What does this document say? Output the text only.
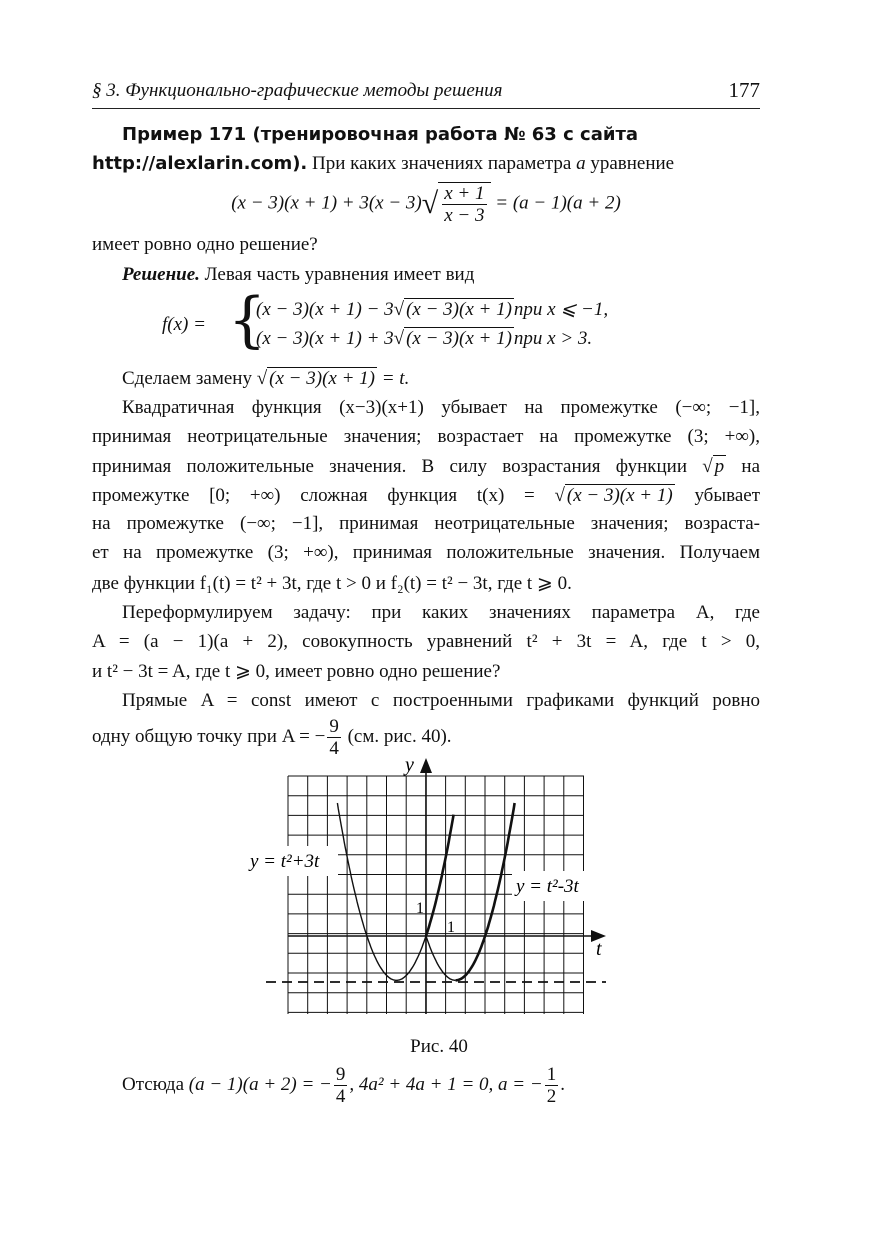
§ 3. Функционально-графические методы решения	177
Пример 171 (тренировочная работа № 63 с сайта
http://alexlarin.com). При каких значениях параметра a уравнение
$(x - 3)(x + 1) + 3(x - 3)√ \frac{x + 1}{x - 3} = (a - 1)(a + 2)$
имеет ровно одно решение?
Решение. Левая часть уравнения имеет вид
f(x) = {
(x − 3)(x + 1) − 3√ (x − 3)(x + 1) при x ⩽ −1,
(x − 3)(x + 1) + 3√ (x − 3)(x + 1) при x > 3.
Сделаем замену √ (x − 3)(x + 1) = t.
Квадратичная функция (x−3)(x+1) убывает на промежутке (−∞; −1],
принимая неотрицательные значения; возрастает на промежутке (3; +∞),
принимая положительные значения. В силу возрастания функции √ p на
промежутке [0; +∞) сложная функция t(x) = √ (x − 3)(x + 1) убывает
на промежутке (−∞; −1], принимая неотрицательные значения; возраста-
ет на промежутке (3; +∞), принимая положительные значения. Получаем
две функции f₁(t) = t² + 3t, где t > 0 и f₂(t) = t² − 3t, где t ⩾ 0.
Переформулируем задачу: при каких значениях параметра A, где
A = (a − 1)(a + 2), совокупность уравнений t² + 3t = A, где t > 0,
и t² − 3t = A, где t ⩾ 0, имеет ровно одно решение?
Прямые A = const имеют с построенными графиками функций ровно
одну общую точку при A = − $\frac{9}{4} (см$. рис. 40).
y = t²+3t
y = t²-3t
y
t
1
1
Рис. 40
Отсюда (a − 1)(a + 2) = − $\frac{9}{4}$ , 4a² + 4a + 1 = 0, a = − $\frac{1}{2}$ .
